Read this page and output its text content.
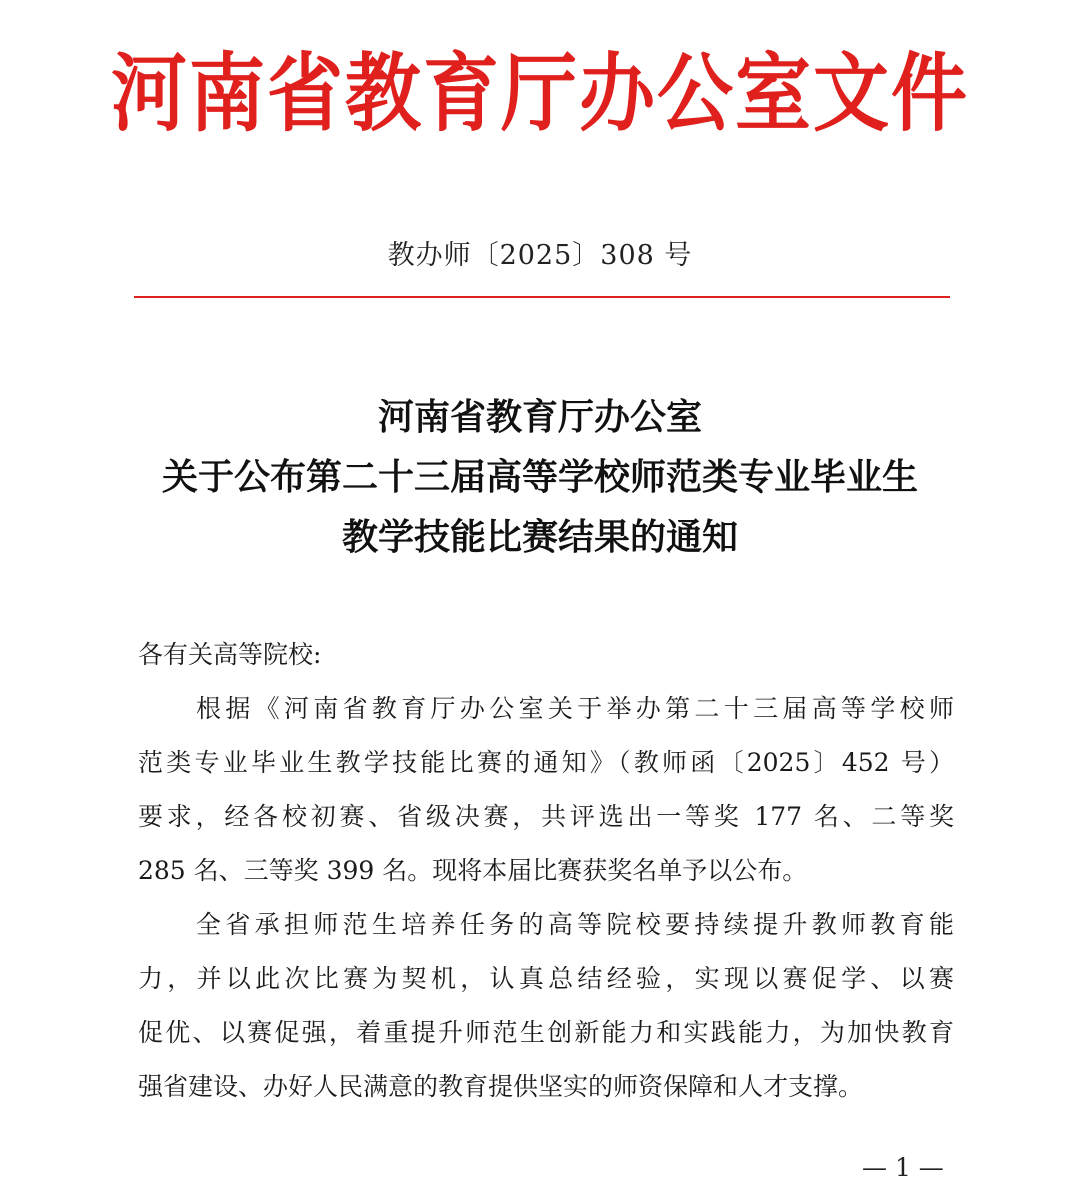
河南省教育厅办公室文件
教办师〔2025〕308 号
河南省教育厅办公室
关于公布第二十三届高等学校师范类专业毕业生
教学技能比赛结果的通知
各有关高等院校:
根据《河南省教育厅办公室关于举办第二十三届高等学校师
范类专业毕业生教学技能比赛的通知》（教师函〔2025〕452 号）
要求，经各校初赛、省级决赛，共评选出一等奖 177 名、二等奖
285 名、三等奖 399 名。现将本届比赛获奖名单予以公布。
全省承担师范生培养任务的高等院校要持续提升教师教育能
力，并以此次比赛为契机，认真总结经验，实现以赛促学、以赛
促优、以赛促强，着重提升师范生创新能力和实践能力，为加快教育
强省建设、办好人民满意的教育提供坚实的师资保障和人才支撑。
— 1 —
